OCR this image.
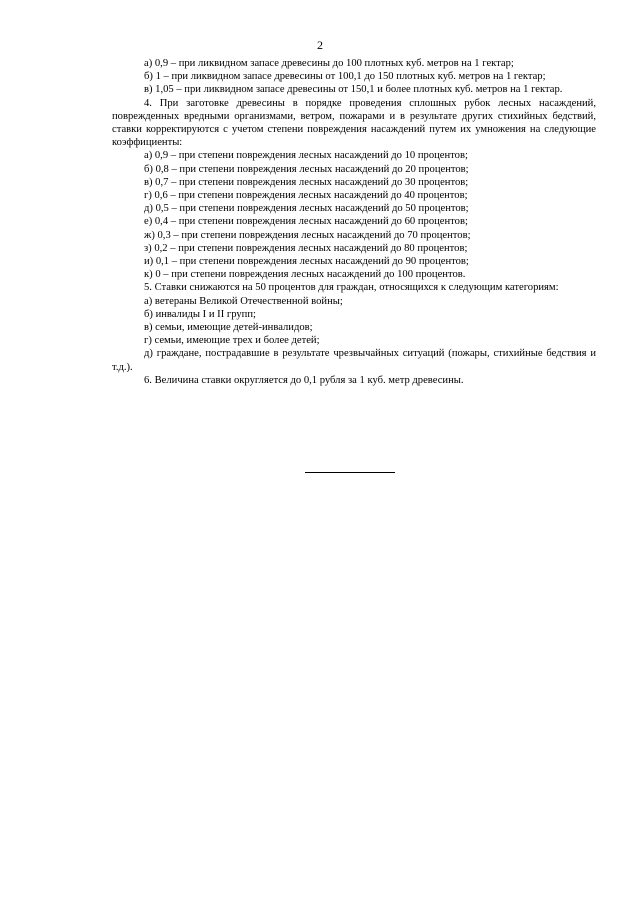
2

а) 0,9 – при ликвидном запасе древесины до 100 плотных куб. метров на 1 гектар;

б) 1 – при ликвидном запасе древесины от 100,1 до 150 плотных куб. метров на 1 гектар;

в) 1,05 – при ликвидном запасе древесины от 150,1 и более плотных куб. метров на 1 гектар.

4. При заготовке древесины в порядке проведения сплошных рубок лесных насаждений, поврежденных вредными организмами, ветром, пожарами и в результате других стихийных бедствий, ставки корректируются с учетом степени повреждения насаждений путем их умножения на следующие коэффициенты:

а) 0,9 – при степени повреждения лесных насаждений до 10 процентов;

б) 0,8 – при степени повреждения лесных насаждений до 20 процентов;

в) 0,7 – при степени повреждения лесных насаждений до 30 процентов;

г) 0,6 – при степени повреждения лесных насаждений до 40 процентов;

д) 0,5 – при степени повреждения лесных насаждений до 50 процентов;

е) 0,4 – при степени повреждения лесных насаждений до 60 процентов;

ж) 0,3 – при степени повреждения лесных насаждений до 70 процентов;

з) 0,2 – при степени повреждения лесных насаждений до 80 процентов;

и) 0,1 – при степени повреждения лесных насаждений до 90 процентов;

к) 0 – при степени повреждения лесных насаждений до 100 процентов.

5. Ставки снижаются на 50 процентов для граждан, относящихся к следующим категориям:

а) ветераны Великой Отечественной войны;

б) инвалиды I и II групп;

в) семьи, имеющие детей-инвалидов;

г) семьи, имеющие трех и более детей;

д) граждане, пострадавшие в результате чрезвычайных ситуаций (пожары, стихийные бедствия и т.д.).

6. Величина ставки округляется до 0,1 рубля за 1 куб. метр древесины.
